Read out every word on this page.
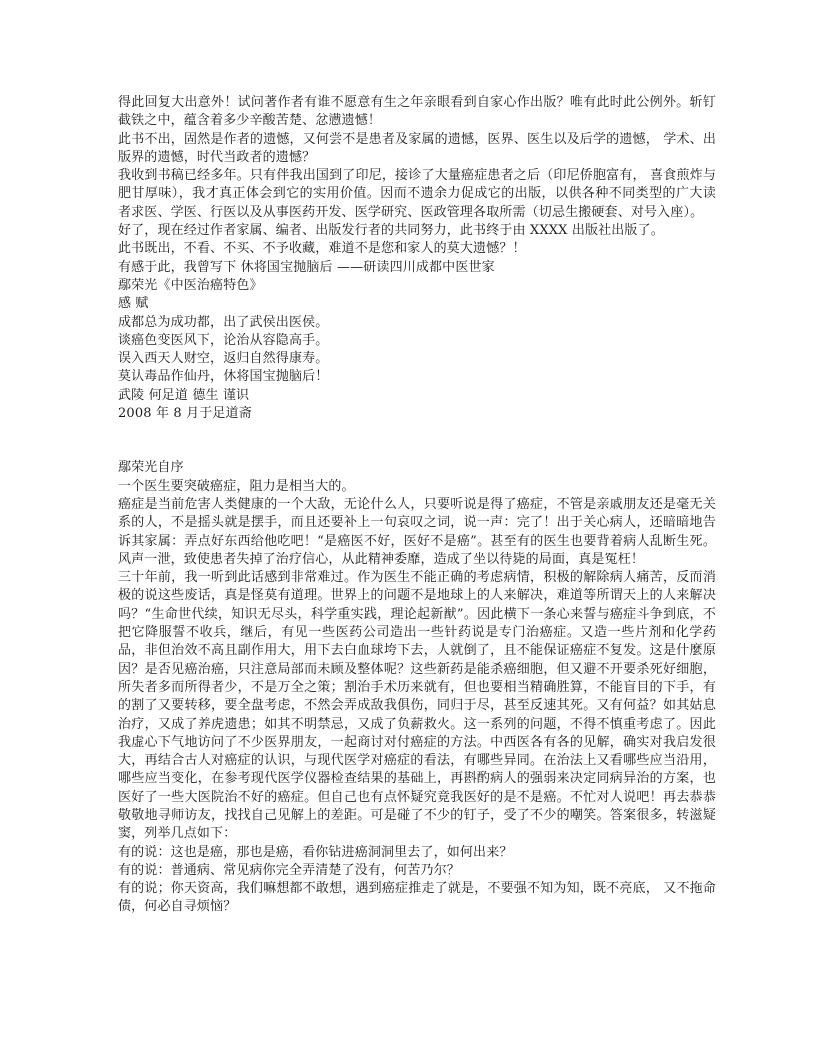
得此回复大出意外！试问著作者有谁不愿意有生之年亲眼看到自家心作出版？唯有此时此公例外。斩钉截铁之中，蕴含着多少辛酸苦楚、忿懑遗憾！

此书不出，固然是作者的遗憾，又何尝不是患者及家属的遗憾，医界、医生以及后学的遗憾， 学术、出版界的遗憾，时代当政者的遗憾？

我收到书稿已经多年。只有伴我出国到了印尼，接诊了大量癌症患者之后（印尼侨胞富有， 喜食煎炸与肥甘厚味），我才真正体会到它的实用价值。因而不遗余力促成它的出版，以供各种不同类型的广大读者求医、学医、行医以及从事医药开发、医学研究、医政管理各取所需（切忌生搬硬套、对号入座）。

好了，现在经过作者家属、编者、出版发行者的共同努力，此书终于由 XXXX 出版社出版了。

此书既出，不看、不买、不予收藏，难道不是您和家人的莫大遗憾？！

有感于此，我曾写下 休将国宝抛脑后 ——研读四川成都中医世家

鄢荣光《中医治癌特色》

感 赋

成都总为成功都，出了武侯出医侯。

谈癌色变医风下，论治从容隐高手。

误入西天人财空，返归自然得康寿。

莫认毒品作仙丹，休将国宝抛脑后！

武陵 何足道 德生 谨识

2008 年 8 月于足道斋

鄢荣光自序

一个医生要突破癌症，阻力是相当大的。

癌症是当前危害人类健康的一个大敌，无论什么人，只要听说是得了癌症，不管是亲戚朋友还是毫无关系的人，不是摇头就是摆手，而且还要补上一句哀叹之词，说一声：完了！出于关心病人，还暗暗地告诉其家属：弄点好东西给他吃吧！“是癌医不好，医好不是癌”。甚至有的医生也要背着病人乱断生死。风声一泄，致使患者失掉了治疗信心，从此精神委靡，造成了坐以待毙的局面，真是冤枉！

三十年前，我一听到此话感到非常难过。作为医生不能正确的考虑病情，积极的解除病人痛苦，反而消极的说这些废话，真是怪莫有道理。世界上的问题不是地球上的人来解决，难道等所谓天上的人来解决吗？“生命世代续，知识无尽头，科学重实践，理论起新猷”。因此横下一条心来誓与癌症斗争到底，不把它降服誓不收兵，继后，有见一些医药公司造出一些针药说是专门治癌症。又造一些片剂和化学药品，非但治效不高且副作用大，用下去白血球垮下去，人就倒了，且不能保证癌症不复发。这是什麼原因？是否见癌治癌，只注意局部而未顾及整体呢？这些新药是能杀癌细胞，但又避不开要杀死好细胞，所失者多而所得者少，不是万全之策；割治手术历来就有，但也要相当精确胜算，不能盲目的下手，有的割了又要转移，要全盘考虑，不然会弄成敌我俱伤，同归于尽，甚至反速其死。又有何益？如其姑息治疗，又成了养虎遗患；如其不明禁忌，又成了负薪救火。这一系列的问题，不得不慎重考虑了。因此我虚心下气地访问了不少医界朋友，一起商讨对付癌症的方法。中西医各有各的见解，确实对我启发很大，再结合古人对癌症的认识，与现代医学对癌症的看法，有哪些异同。在治法上又看哪些应当沿用，哪些应当变化，在参考现代医学仪器检查结果的基础上，再斟酌病人的强弱来决定同病异治的方案，也医好了一些大医院治不好的癌症。但自己也有点怀疑究竟我医好的是不是癌。不忙对人说吧！再去恭恭敬敬地寻师访友，找找自己见解上的差距。可是碰了不少的钉子，受了不少的嘲笑。答案很多，转滋疑窦，列举几点如下：

有的说：这也是癌，那也是癌，看你钻进癌洞洞里去了，如何出来？

有的说：普通病、常见病你完全弄清楚了没有，何苦乃尔？

有的说；你天资高，我们嘛想都不敢想，遇到癌症推走了就是，不要强不知为知，既不亮底， 又不拖命债，何必自寻烦恼？
